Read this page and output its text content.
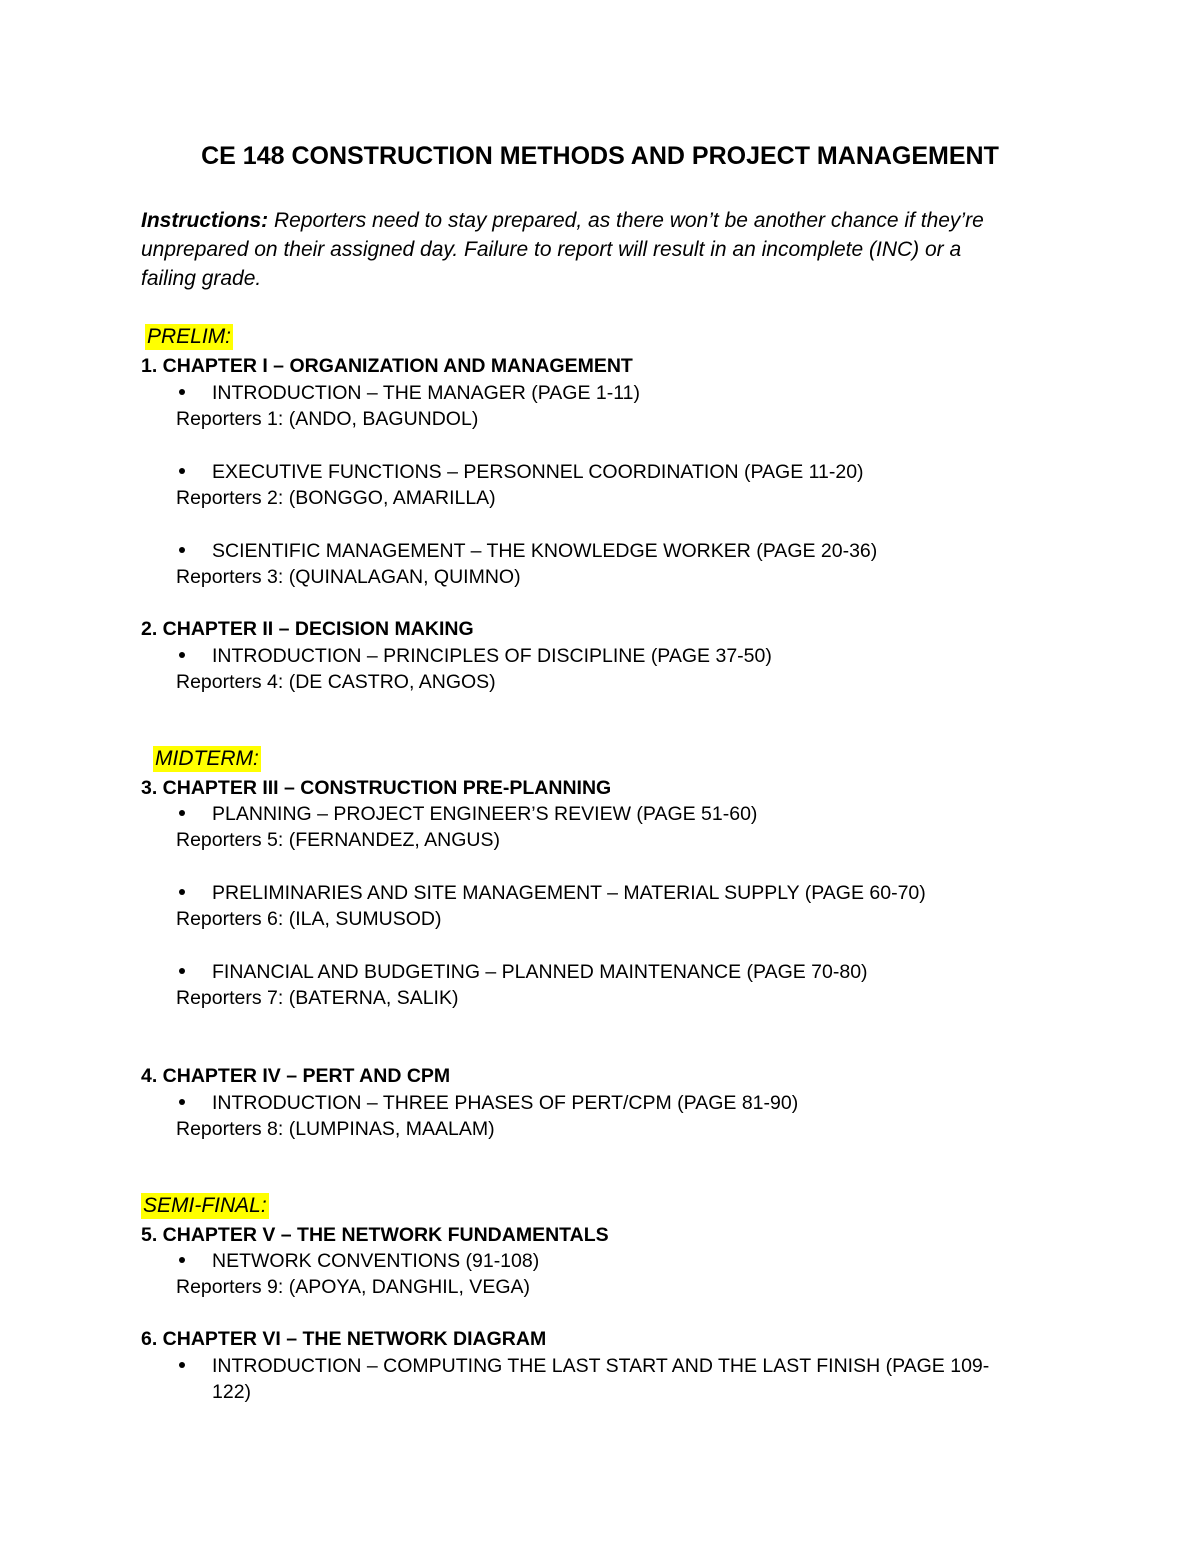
CE 148 CONSTRUCTION METHODS AND PROJECT MANAGEMENT
Instructions: Reporters need to stay prepared, as there won’t be another chance if they’re
unprepared on their assigned day. Failure to report will result in an incomplete (INC) or a
failing grade.
PRELIM:
1. CHAPTER I – ORGANIZATION AND MANAGEMENT
INTRODUCTION – THE MANAGER (PAGE 1-11)
Reporters 1: (ANDO, BAGUNDOL)
EXECUTIVE FUNCTIONS – PERSONNEL COORDINATION (PAGE 11-20)
Reporters 2: (BONGGO, AMARILLA)
SCIENTIFIC MANAGEMENT – THE KNOWLEDGE WORKER (PAGE 20-36)
Reporters 3: (QUINALAGAN, QUIMNO)
2. CHAPTER II – DECISION MAKING
INTRODUCTION – PRINCIPLES OF DISCIPLINE (PAGE 37-50)
Reporters 4: (DE CASTRO, ANGOS)
MIDTERM:
3. CHAPTER III – CONSTRUCTION PRE-PLANNING
PLANNING – PROJECT ENGINEER’S REVIEW (PAGE 51-60)
Reporters 5: (FERNANDEZ, ANGUS)
PRELIMINARIES AND SITE MANAGEMENT – MATERIAL SUPPLY (PAGE 60-70)
Reporters 6: (ILA, SUMUSOD)
FINANCIAL AND BUDGETING – PLANNED MAINTENANCE (PAGE 70-80)
Reporters 7: (BATERNA, SALIK)
4. CHAPTER IV – PERT AND CPM
INTRODUCTION – THREE PHASES OF PERT/CPM (PAGE 81-90)
Reporters 8: (LUMPINAS, MAALAM)
SEMI-FINAL:
5. CHAPTER V – THE NETWORK FUNDAMENTALS
NETWORK CONVENTIONS (91-108)
Reporters 9: (APOYA, DANGHIL, VEGA)
6. CHAPTER VI – THE NETWORK DIAGRAM
INTRODUCTION – COMPUTING THE LAST START AND THE LAST FINISH (PAGE 109-
122)
